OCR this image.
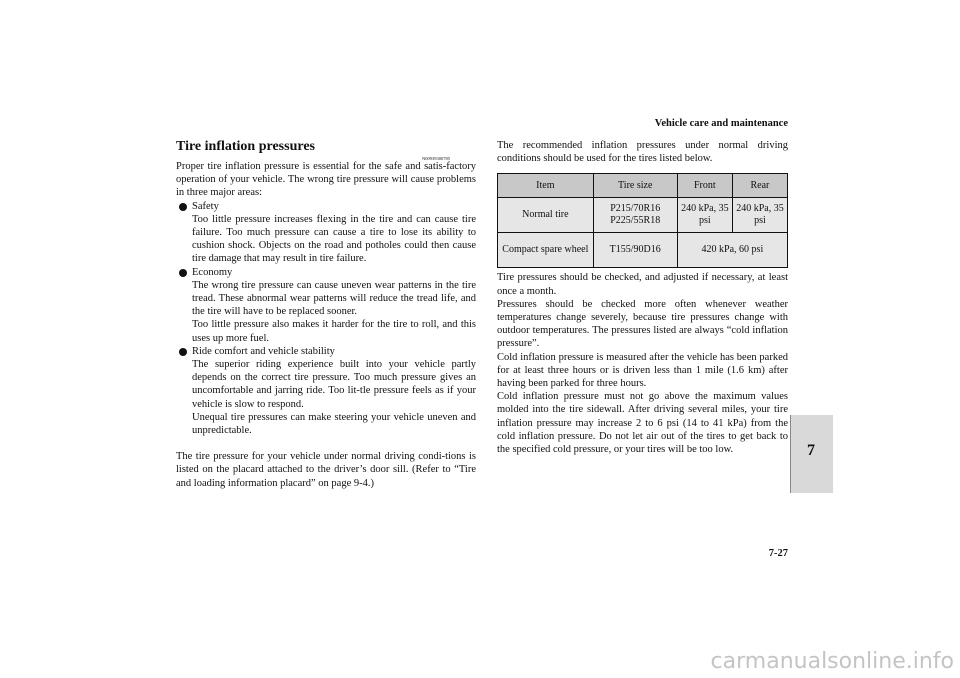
Vehicle care and maintenance
Tire inflation pressures
N00939300785

Proper tire inflation pressure is essential for the safe and satis-factory operation of your vehicle. The wrong tire pressure will cause problems in three major areas:

Safety

Too little pressure increases flexing in the tire and can cause tire failure. Too much pressure can cause a tire to lose its ability to cushion shock. Objects on the road and potholes could then cause tire damage that may result in tire failure.

Economy

The wrong tire pressure can cause uneven wear patterns in the tire tread. These abnormal wear patterns will reduce the tread life, and the tire will have to be replaced sooner.

Too little pressure also makes it harder for the tire to roll, and this uses up more fuel.

Ride comfort and vehicle stability

The superior riding experience built into your vehicle partly depends on the correct tire pressure. Too much pressure gives an uncomfortable and jarring ride. Too lit-tle pressure feels as if your vehicle is slow to respond.

Unequal tire pressures can make steering your vehicle uneven and unpredictable.

The tire pressure for your vehicle under normal driving condi-tions is listed on the placard attached to the driver’s door sill. (Refer to “Tire and loading information placard” on page 9-4.)

The recommended inflation pressures under normal driving conditions should be used for the tires listed below.

Item	Tire size	Front	Rear
Normal tire	P215/70R16 P225/55R18	240 kPa, 35 psi	240 kPa, 35 psi
Compact spare wheel	T155/90D16	420 kPa, 60 psi	

Tire pressures should be checked, and adjusted if necessary, at least once a month.

Pressures should be checked more often whenever weather temperatures change severely, because tire pressures change with outdoor temperatures. The pressures listed are always “cold inflation pressure”.

Cold inflation pressure is measured after the vehicle has been parked for at least three hours or is driven less than 1 mile (1.6 km) after having been parked for three hours.

Cold inflation pressure must not go above the maximum values molded into the tire sidewall. After driving several miles, your tire inflation pressure may increase 2 to 6 psi (14 to 41 kPa) from the cold inflation pressure. Do not let air out of the tires to get back to the specified cold pressure, or your tires will be too low.	7
7-27
carmanualsonline.info
